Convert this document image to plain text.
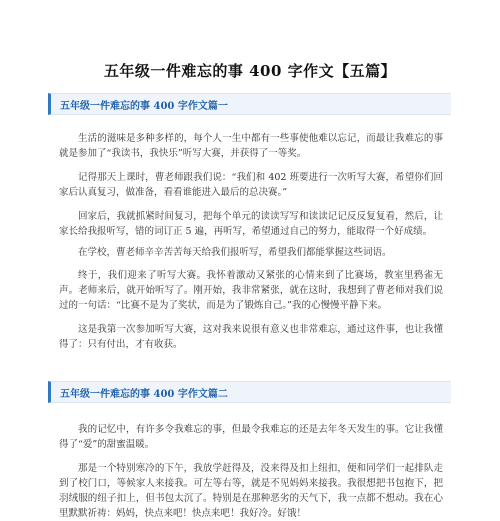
五年级一件难忘的事 400 字作文【五篇】
五年级一件难忘的事 400 字作文篇一

生活的滋味是多种多样的，每个人一生中都有一些事使他难以忘记，而最让我难忘的事就是参加了“我读书，我快乐”听写大赛，并获得了一等奖。

记得那天上课时，曹老师跟我们说：“我们和 402 班要进行一次听写大赛，希望你们回家后认真复习，做准备，看看谁能进入最后的总决赛。”

回家后，我就抓紧时间复习，把每个单元的读读写写和读读记记反反复复看，然后，让家长给我报听写，错的词订正 5 遍，再听写，希望通过自己的努力，能取得一个好成绩。

在学校，曹老师辛辛苦苦每天给我们报听写，希望我们都能掌握这些词语。

终于，我们迎来了听写大赛。我怀着激动又紧张的心情来到了比赛场，教室里鸦雀无声。老师来后，就开始听写了。刚开始，我非常紧张，就在这时，我想到了曹老师对我们说过的一句话：“比赛不是为了奖状，而是为了锻炼自己。”我的心慢慢平静下来。

这是我第一次参加听写大赛，这对我来说很有意义也非常难忘，通过这件事，也让我懂得了：只有付出，才有收获。

五年级一件难忘的事 400 字作文篇二

我的记忆中，有许多令我难忘的事，但最令我难忘的还是去年冬天发生的事。它让我懂得了“爱”的甜蜜温暖。

那是一个特别寒冷的下午，我放学赶得及，没来得及扣上纽扣，便和同学们一起排队走到了校门口，等候家人来接我。可左等右等，就是不见妈妈来接我。我很想把书包抱下，把羽绒服的纽子扣上，但书包太沉了。特别是在那种恶劣的天气下，我一点都不想动。我在心里默默祈祷：妈妈，快点来吧！快点来吧！我好冷。好饿！
